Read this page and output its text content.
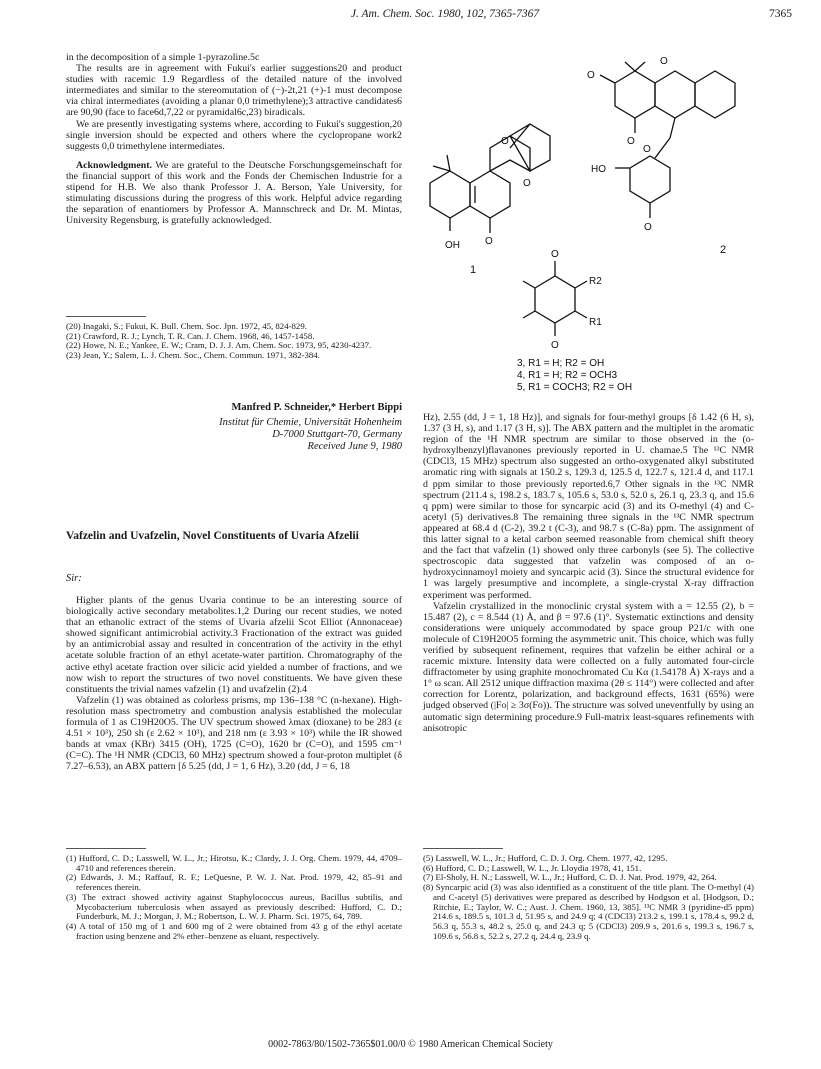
J. Am. Chem. Soc. 1980, 102, 7365-7367	7365

in the decomposition of a simple 1-pyrazoline.5c

The results are in agreement with Fukui's earlier suggestions20 and product studies with racemic 1.9 Regardless of the detailed nature of the involved intermediates and similar to the stereomutation of (−)-2t,21 (+)-1 must decompose via chiral intermediates (avoiding a planar 0,0 trimethylene);3 attractive candidates6 are 90,90 (face to face6d,7,22 or pyramidal6c,23) biradicals.

We are presently investigating systems where, according to Fukui's suggestion,20 single inversion should be expected and others where the cyclopropane work2 suggests 0,0 trimethylene intermediates.

Acknowledgment. We are grateful to the Deutsche Forschungsgemeinschaft for the financial support of this work and the Fonds der Chemischen Industrie for a stipend for H.B. We also thank Professor J. A. Berson, Yale University, for stimulating discussions during the progress of this work. Helpful advice regarding the separation of enantiomers by Professor A. Mannschreck and Dr. M. Mintas, University Regensburg, is gratefully acknowledged.

(20) Inagaki, S.; Fukui, K. Bull. Chem. Soc. Jpn. 1972, 45, 824-829.

(21) Crawford, R. J.; Lynch, T. R. Can. J. Chem. 1968, 46, 1457-1458.

(22) Howe, N. E.; Yankee, E. W.; Cram, D. J. J. Am. Chem. Soc. 1973, 95, 4230-4237.

(23) Jean, Y.; Salem, L. J. Chem. Soc., Chem. Commun. 1971, 382-384.

Manfred P. Schneider,* Herbert Bippi
Institut für Chemie, Universität Hohenheim
D-7000 Stuttgart-70, Germany
Received June 9, 1980
Vafzelin and Uvafzelin, Novel Constituents of Uvaria Afzelii
Sir:

Higher plants of the genus Uvaria continue to be an interesting source of biologically active secondary metabolites.1,2 During our recent studies, we noted that an ethanolic extract of the stems of Uvaria afzelii Scot Elliot (Annonaceae) showed significant antimicrobial activity.3 Fractionation of the extract was guided by an antimicrobial assay and resulted in concentration of the activity in the ethyl acetate soluble fraction of an ethyl acetate-water partition. Chromatography of the active ethyl acetate fraction over silicic acid yielded a number of fractions, and we now wish to report the structures of two novel constituents. We have given these constituents the trivial names vafzelin (1) and uvafzelin (2).4

Vafzelin (1) was obtained as colorless prisms, mp 136–138 °C (n-hexane). High-resolution mass spectrometry and combustion analysis established the molecular formula of 1 as C19H20O5. The UV spectrum showed λmax (dioxane) to be 283 (ε 4.51 × 10³), 250 sh (ε 2.62 × 10³), and 218 nm (ε 3.93 × 10³) while the IR showed bands at νmax (KBr) 3415 (OH), 1725 (C=O), 1620 br (C=O), and 1595 cm⁻¹ (C=C). The ¹H NMR (CDCl3, 60 MHz) spectrum showed a four-proton multiplet (δ 7.27–6.53), an ABX pattern [δ 5.25 (dd, J = 1, 6 Hz), 3.20 (dd, J = 6, 18

(1) Hufford, C. D.; Lasswell, W. L., Jr.; Hirotsu, K.; Clardy, J. J. Org. Chem. 1979, 44, 4709–4710 and references therein.

(2) Edwards, J. M.; Raffauf, R. F.; LeQuesne, P. W. J. Nat. Prod. 1979, 42, 85–91 and references therein.

(3) The extract showed activity against Staphylococcus aureus, Bacillus subtilis, and Mycobacterium tuberculosis when assayed as previously described: Hufford, C. D.; Funderburk, M. J.; Morgan, J. M.; Robertson, L. W. J. Pharm. Sci. 1975, 64, 789.

(4) A total of 150 mg of 1 and 600 mg of 2 were obtained from 43 g of the ethyl acetate fraction using benzene and 2% ether–benzene as eluant, respectively.

OH
O
O
O
1
O
O
O
O
HO
O
2
O
R2
R1
O
3, R1 = H; R2 = OH
4, R1 = H; R2 = OCH3
5, R1 = COCH3; R2 = OH

Hz), 2.55 (dd, J = 1, 18 Hz)], and signals for four-methyl groups [δ 1.42 (6 H, s), 1.37 (3 H, s), and 1.17 (3 H, s)]. The ABX pattern and the multiplet in the aromatic region of the ¹H NMR spectrum are similar to those observed in the (o-hydroxylbenzyl)flavanones previously reported in U. chamae.5 The ¹³C NMR (CDCl3, 15 MHz) spectrum also suggested an ortho-oxygenated alkyl substituted aromatic ring with signals at 150.2 s, 129.3 d, 125.5 d, 122.7 s, 121.4 d, and 117.1 d ppm similar to those previously reported.6,7 Other signals in the ¹³C NMR spectrum (211.4 s, 198.2 s, 183.7 s, 105.6 s, 53.0 s, 52.0 s, 26.1 q, 23.3 q, and 15.6 q ppm) were similar to those for syncarpic acid (3) and its O-methyl (4) and C-acetyl (5) derivatives.8 The remaining three signals in the ¹³C NMR spectrum appeared at 68.4 d (C-2), 39.2 t (C-3), and 98.7 s (C-8a) ppm. The assignment of this latter signal to a ketal carbon seemed reasonable from chemical shift theory and the fact that vafzelin (1) showed only three carbonyls (see 5). The collective spectroscopic data suggested that vafzelin was composed of an o-hydroxycinnamoyl moiety and syncarpic acid (3). Since the structural evidence for 1 was largely presumptive and incomplete, a single-crystal X-ray diffraction experiment was performed.

Vafzelin crystallized in the monoclinic crystal system with a = 12.55 (2), b = 15.487 (2), c = 8.544 (1) Å, and β = 97.6 (1)°. Systematic extinctions and density considerations were uniquely accommodated by space group P21/c with one molecule of C19H20O5 forming the asymmetric unit. This choice, which was fully verified by subsequent refinement, requires that vafzelin be either achiral or a racemic mixture. Intensity data were collected on a fully automated four-circle diffractometer by using graphite monochromated Cu Kα (1.54178 Å) X-rays and a 1° ω scan. All 2512 unique diffraction maxima (2θ ≤ 114°) were collected and after correction for Lorentz, polarization, and background effects, 1631 (65%) were judged observed (|Fo| ≥ 3σ(Fo)). The structure was solved uneventfully by using an automatic sign determining procedure.9 Full-matrix least-squares refinements with anisotropic

(5) Lasswell, W. L., Jr.; Hufford, C. D. J. Org. Chem. 1977, 42, 1295.

(6) Hufford, C. D.; Lasswell, W. L., Jr. Lloydia 1978, 41, 151.

(7) El-Sholy, H. N.; Lasswell, W. L., Jr.; Hufford, C. D. J. Nat. Prod. 1979, 42, 264.

(8) Syncarpic acid (3) was also identified as a constituent of the title plant. The O-methyl (4) and C-acetyl (5) derivatives were prepared as described by Hodgson et al. [Hodgson, D.; Ritchie, E.; Taylor, W. C.; Aust. J. Chem. 1960, 13, 385]. ¹³C NMR 3 (pyridine-d5 ppm) 214.6 s, 189.5 s, 101.3 d, 51.95 s, and 24.9 q; 4 (CDCl3) 213.2 s, 199.1 s, 178.4 s, 99.2 d, 56.3 q, 55.3 s, 48.2 s, 25.0 q, and 24.3 q; 5 (CDCl3) 209.9 s, 201.6 s, 199.3 s, 196.7 s, 109.6 s, 56.8 s, 52.2 s, 27.2 q, 24.4 q, 23.9 q.

0002-7863/80/1502-7365$01.00/0 © 1980 American Chemical Society
